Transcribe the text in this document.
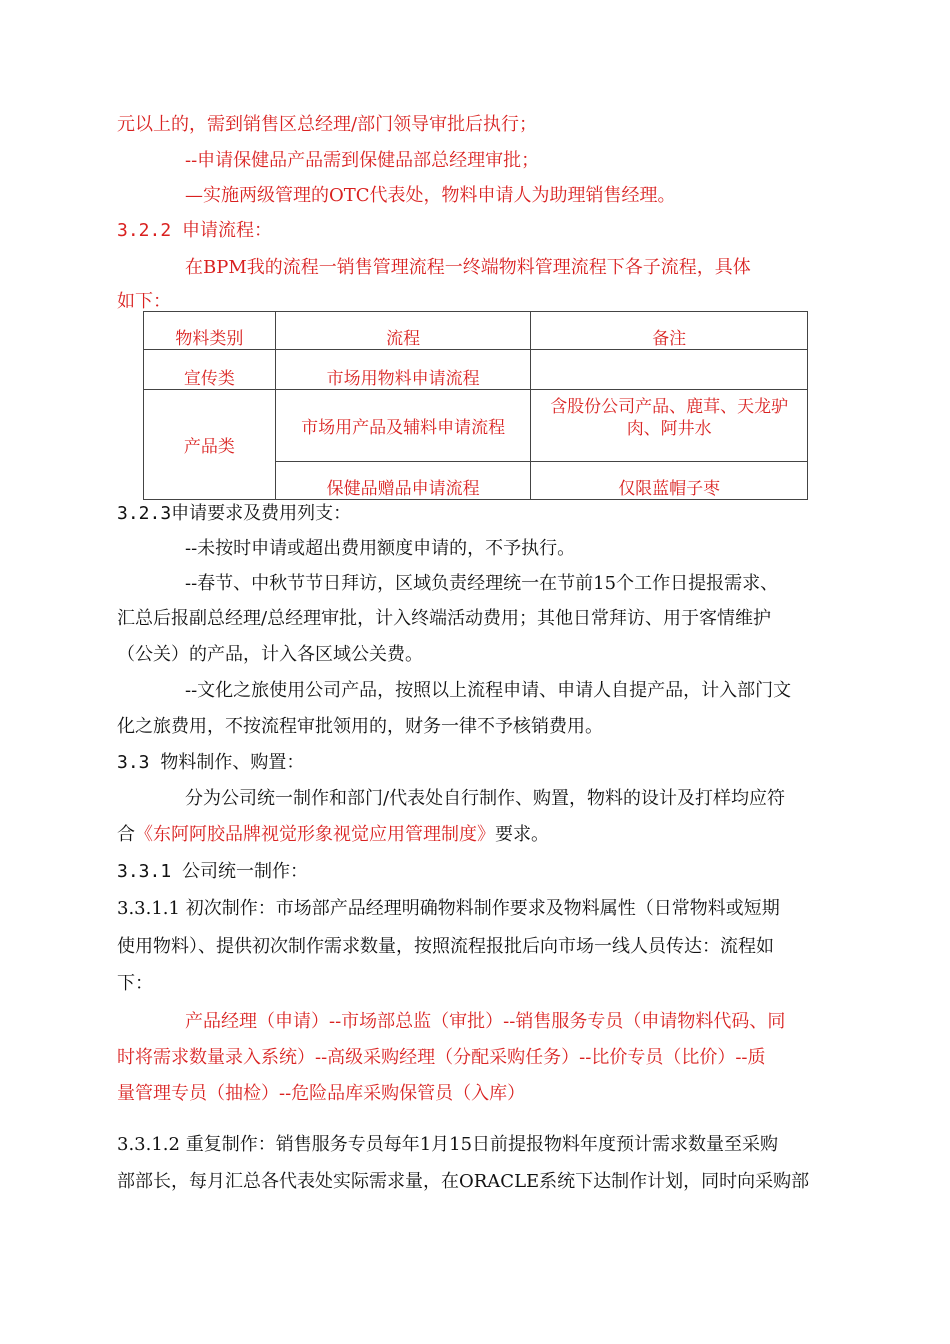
元以上的，需到销售区总经理/部门领导审批后执行；
--申请保健品产品需到保健品部总经理审批；
—实施两级管理的OTC代表处，物料申请人为助理销售经理。
3.2.2 申请流程：
在BPM我的流程一销售管理流程一终端物料管理流程下各子流程，具体
如下：
物料类别	流程	备注
宣传类	市场用物料申请流程	
产品类	市场用产品及辅料申请流程	含股份公司产品、鹿茸、天龙驴肉、阿井水

	保健品赠品申请流程	仅限蓝帽子枣
3.2.3申请要求及费用列支：
--未按时申请或超出费用额度申请的，不予执行。
--春节、中秋节节日拜访，区域负责经理统一在节前15个工作日提报需求、
汇总后报副总经理/总经理审批，计入终端活动费用；其他日常拜访、用于客情维护
（公关）的产品，计入各区域公关费。
--文化之旅使用公司产品，按照以上流程申请、申请人自提产品，计入部门文
化之旅费用，不按流程审批领用的，财务一律不予核销费用。
3.3 物料制作、购置：
分为公司统一制作和部门/代表处自行制作、购置，物料的设计及打样均应符
合《东阿阿胶品牌视觉形象视觉应用管理制度》要求。
3.3.1 公司统一制作：
3.3.1.1 初次制作：市场部产品经理明确物料制作要求及物料属性（日常物料或短期
使用物料）、提供初次制作需求数量，按照流程报批后向市场一线人员传达：流程如
下：
产品经理（申请）--市场部总监（审批）--销售服务专员（申请物料代码、同
时将需求数量录入系统）--高级采购经理（分配采购任务）--比价专员（比价）--质
量管理专员（抽检）--危险品库采购保管员（入库）
3.3.1.2 重复制作：销售服务专员每年1月15日前提报物料年度预计需求数量至采购
部部长，每月汇总各代表处实际需求量，在ORACLE系统下达制作计划，同时向采购部
